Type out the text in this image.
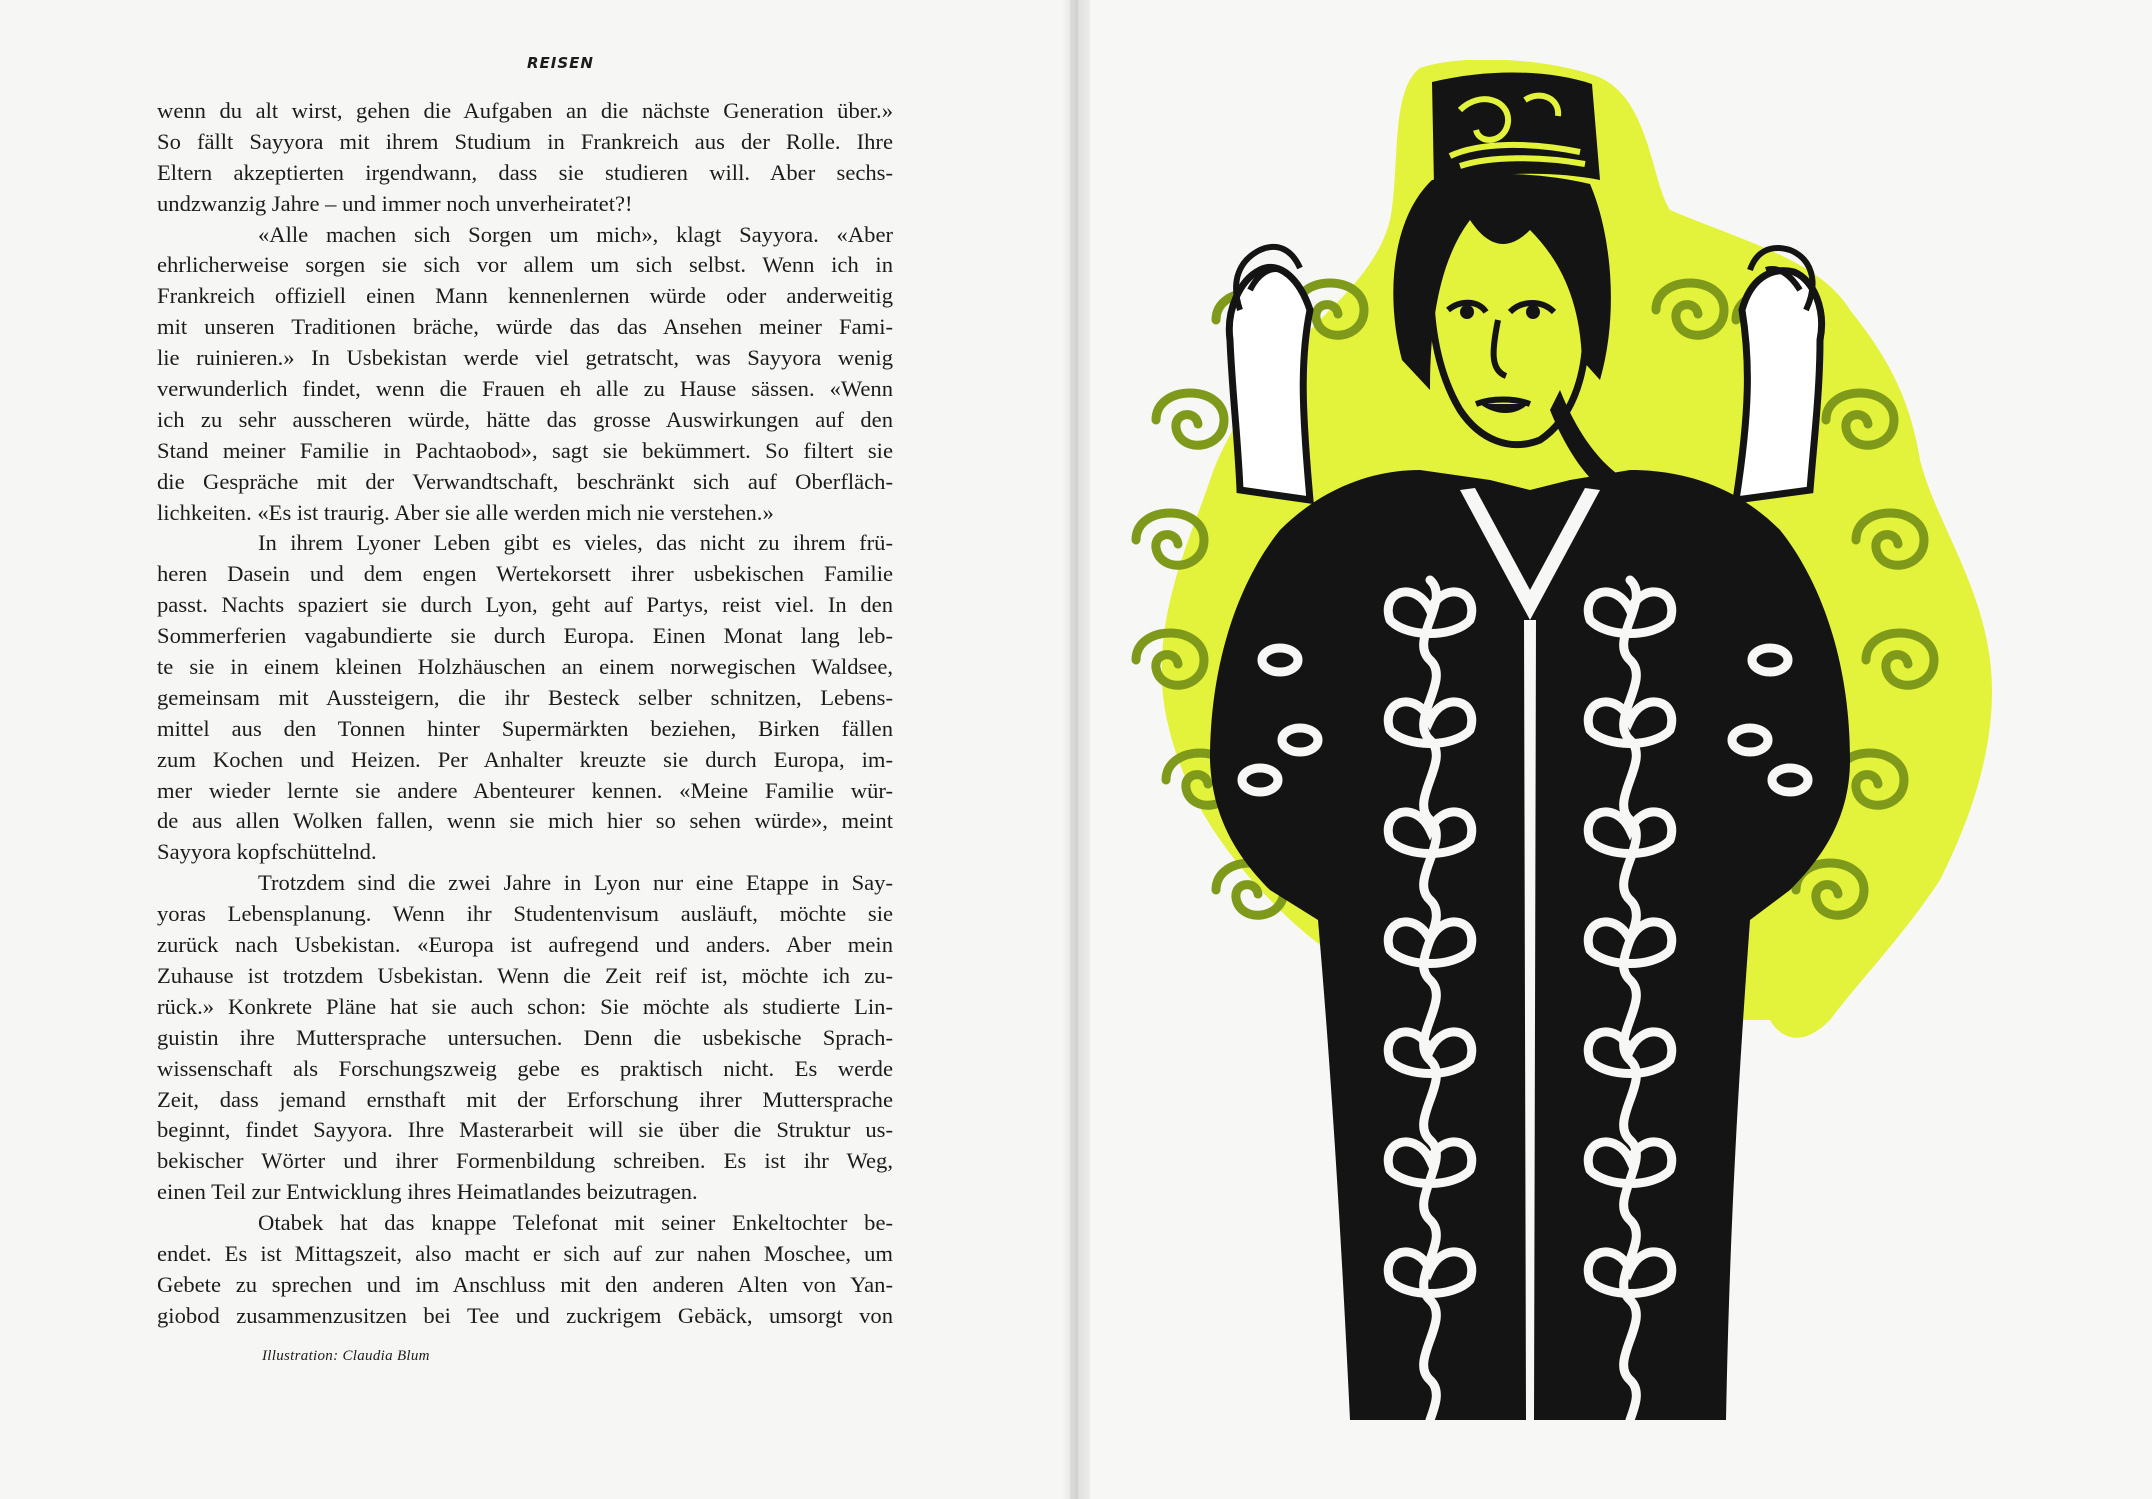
REISEN
wenn du alt wirst, gehen die Aufgaben an die nächste Generation über.»
So fällt Sayyora mit ihrem Studium in Frankreich aus der Rolle. Ihre
Eltern akzeptierten irgendwann, dass sie studieren will. Aber sechs-
undzwanzig Jahre – und immer noch unverheiratet?!
«Alle machen sich Sorgen um mich», klagt Sayyora. «Aber
ehrlicherweise sorgen sie sich vor allem um sich selbst. Wenn ich in
Frankreich offiziell einen Mann kennenlernen würde oder anderweitig
mit unseren Traditionen bräche, würde das das Ansehen meiner Fami-
lie ruinieren.» In Usbekistan werde viel getratscht, was Sayyora wenig
verwunderlich findet, wenn die Frauen eh alle zu Hause sässen. «Wenn
ich zu sehr ausscheren würde, hätte das grosse Auswirkungen auf den
Stand meiner Familie in Pachtaobod», sagt sie bekümmert. So filtert sie
die Gespräche mit der Verwandtschaft, beschränkt sich auf Oberfläch-
lichkeiten. «Es ist traurig. Aber sie alle werden mich nie verstehen.»
In ihrem Lyoner Leben gibt es vieles, das nicht zu ihrem frü-
heren Dasein und dem engen Wertekorsett ihrer usbekischen Familie
passt. Nachts spaziert sie durch Lyon, geht auf Partys, reist viel. In den
Sommerferien vagabundierte sie durch Europa. Einen Monat lang leb-
te sie in einem kleinen Holzhäuschen an einem norwegischen Waldsee,
gemeinsam mit Aussteigern, die ihr Besteck selber schnitzen, Lebens-
mittel aus den Tonnen hinter Supermärkten beziehen, Birken fällen
zum Kochen und Heizen. Per Anhalter kreuzte sie durch Europa, im-
mer wieder lernte sie andere Abenteurer kennen. «Meine Familie wür-
de aus allen Wolken fallen, wenn sie mich hier so sehen würde», meint
Sayyora kopfschüttelnd.
Trotzdem sind die zwei Jahre in Lyon nur eine Etappe in Say-
yoras Lebensplanung. Wenn ihr Studentenvisum ausläuft, möchte sie
zurück nach Usbekistan. «Europa ist aufregend und anders. Aber mein
Zuhause ist trotzdem Usbekistan. Wenn die Zeit reif ist, möchte ich zu-
rück.» Konkrete Pläne hat sie auch schon: Sie möchte als studierte Lin-
guistin ihre Muttersprache untersuchen. Denn die usbekische Sprach-
wissenschaft als Forschungszweig gebe es praktisch nicht. Es werde
Zeit, dass jemand ernsthaft mit der Erforschung ihrer Muttersprache
beginnt, findet Sayyora. Ihre Masterarbeit will sie über die Struktur us-
bekischer Wörter und ihrer Formenbildung schreiben. Es ist ihr Weg,
einen Teil zur Entwicklung ihres Heimatlandes beizutragen.
Otabek hat das knappe Telefonat mit seiner Enkeltochter be-
endet. Es ist Mittagszeit, also macht er sich auf zur nahen Moschee, um
Gebete zu sprechen und im Anschluss mit den anderen Alten von Yan-
giobod zusammenzusitzen bei Tee und zuckrigem Gebäck, umsorgt von
Illustration: Claudia Blum
